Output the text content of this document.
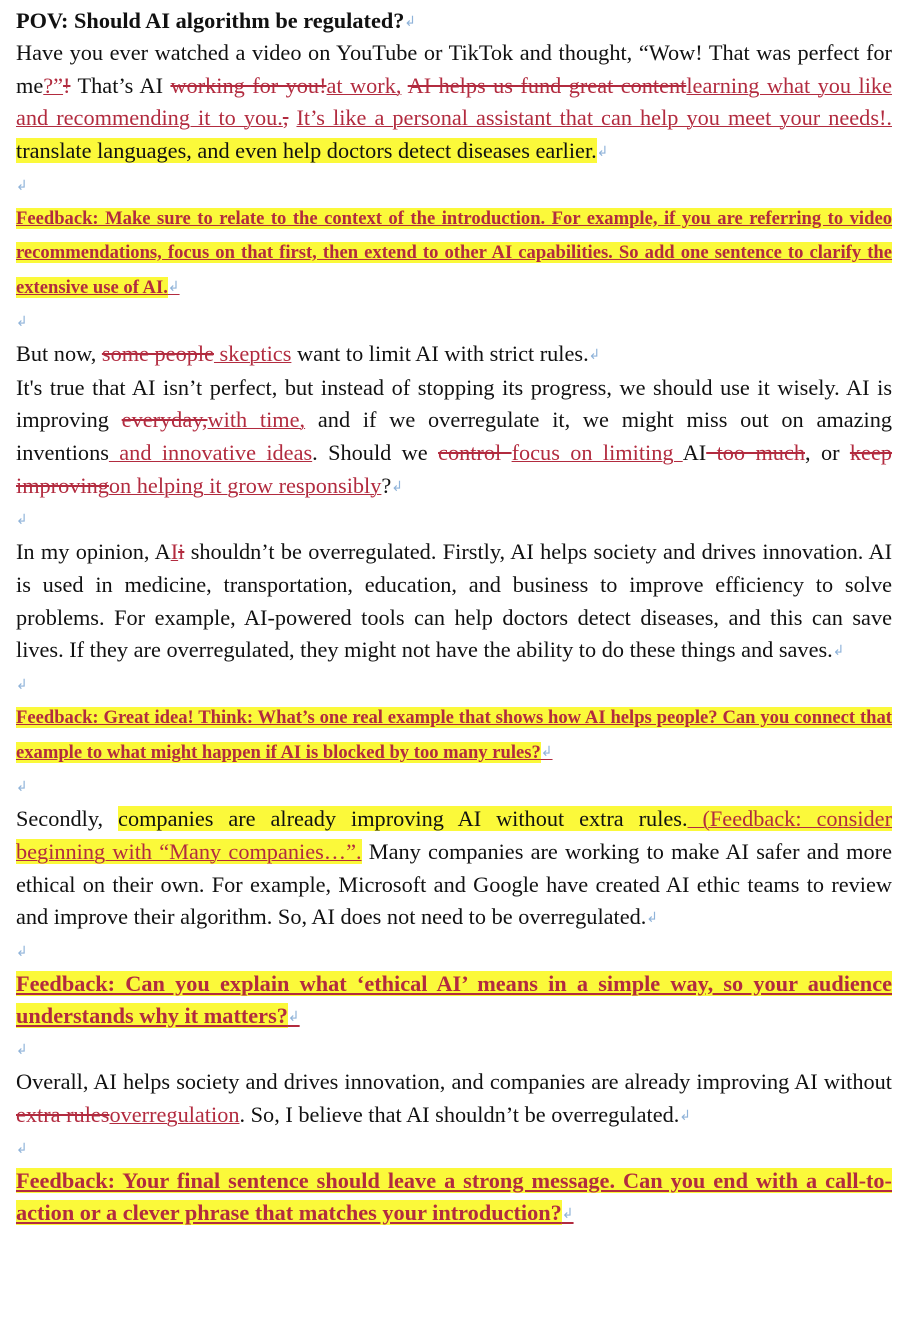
POV: Should AI algorithm be regulated?↲
Have you ever watched a video on YouTube or TikTok and thought, “Wow! That was perfect for me?”! That’s AI working for you!at work, AI helps us fund great contentlearning what you like and recommending it to you., It’s like a personal assistant that can help you meet your needs!. translate languages, and even help doctors detect diseases earlier.↲
↲
Feedback: Make sure to relate to the context of the introduction. For example, if you are referring to video recommendations, focus on that first, then extend to other AI capabilities. So add one sentence to clarify the extensive use of AI.↲
↲
But now, some people skeptics want to limit AI with strict rules.↲
It's true that AI isn’t perfect, but instead of stopping its progress, we should use it wisely. AI is improving everyday,with time, and if we overregulate it, we might miss out on amazing inventions and innovative ideas. Should we control focus on limiting AI too much, or keep improvingon helping it grow responsibly?↲
↲
In my opinion, AIi shouldn’t be overregulated. Firstly, AI helps society and drives innovation. AI is used in medicine, transportation, education, and business to improve efficiency to solve problems. For example, AI-powered tools can help doctors detect diseases, and this can save lives. If they are overregulated, they might not have the ability to do these things and saves.↲
↲
Feedback: Great idea! Think: What’s one real example that shows how AI helps people? Can you connect that example to what might happen if AI is blocked by too many rules?↲
↲
Secondly, companies are already improving AI without extra rules. (Feedback: consider beginning with “Many companies…”. Many companies are working to make AI safer and more ethical on their own. For example, Microsoft and Google have created AI ethic teams to review and improve their algorithm. So, AI does not need to be overregulated.↲
↲
Feedback: Can you explain what ‘ethical AI’ means in a simple way, so your audience understands why it matters?↲
↲
Overall, AI helps society and drives innovation, and companies are already improving AI without extra rulesoverregulation. So, I believe that AI shouldn’t be overregulated.↲
↲
Feedback: Your final sentence should leave a strong message. Can you end with a call-to-action or a clever phrase that matches your introduction?↲
